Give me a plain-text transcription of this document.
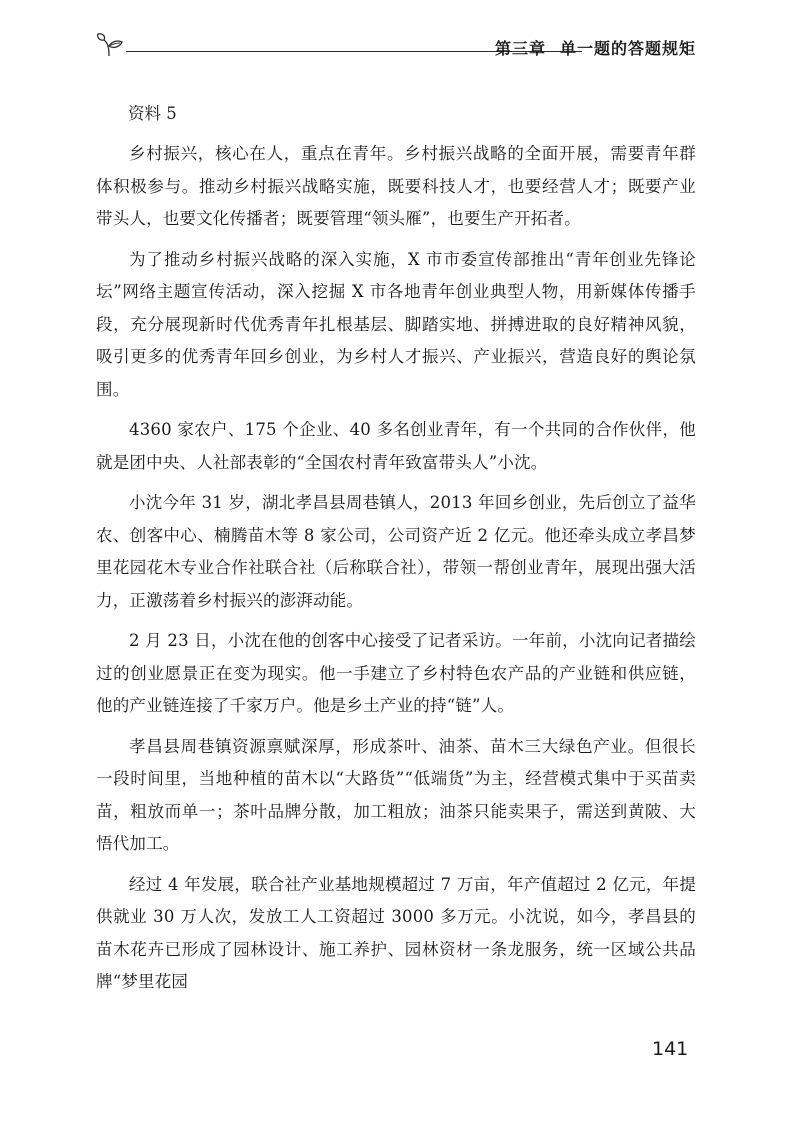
第三章 单一题的答题规矩
资料 5

乡村振兴，核心在人，重点在青年。乡村振兴战略的全面开展，需要青年群体积极参与。推动乡村振兴战略实施，既要科技人才，也要经营人才；既要产业带头人，也要文化传播者；既要管理“领头雁”，也要生产开拓者。

为了推动乡村振兴战略的深入实施，X 市市委宣传部推出“青年创业先锋论坛”网络主题宣传活动，深入挖掘 X 市各地青年创业典型人物，用新媒体传播手段，充分展现新时代优秀青年扎根基层、脚踏实地、拼搏进取的良好精神风貌，吸引更多的优秀青年回乡创业，为乡村人才振兴、产业振兴，营造良好的舆论氛围。

4360 家农户、175 个企业、40 多名创业青年，有一个共同的合作伙伴，他就是团中央、人社部表彰的“全国农村青年致富带头人”小沈。

小沈今年 31 岁，湖北孝昌县周巷镇人，2013 年回乡创业，先后创立了益华农、创客中心、楠腾苗木等 8 家公司，公司资产近 2 亿元。他还牵头成立孝昌梦里花园花木专业合作社联合社（后称联合社），带领一帮创业青年，展现出强大活力，正激荡着乡村振兴的澎湃动能。

2 月 23 日，小沈在他的创客中心接受了记者采访。一年前，小沈向记者描绘过的创业愿景正在变为现实。他一手建立了乡村特色农产品的产业链和供应链，他的产业链连接了千家万户。他是乡土产业的持“链”人。

孝昌县周巷镇资源禀赋深厚，形成茶叶、油茶、苗木三大绿色产业。但很长一段时间里，当地种植的苗木以“大路货”“低端货”为主，经营模式集中于买苗卖苗，粗放而单一；茶叶品牌分散，加工粗放；油茶只能卖果子，需送到黄陂、大悟代加工。

经过 4 年发展，联合社产业基地规模超过 7 万亩，年产值超过 2 亿元，年提供就业 30 万人次，发放工人工资超过 3000 多万元。小沈说，如今，孝昌县的苗木花卉已形成了园林设计、施工养护、园林资材一条龙服务，统一区域公共品牌“梦里花园

141
